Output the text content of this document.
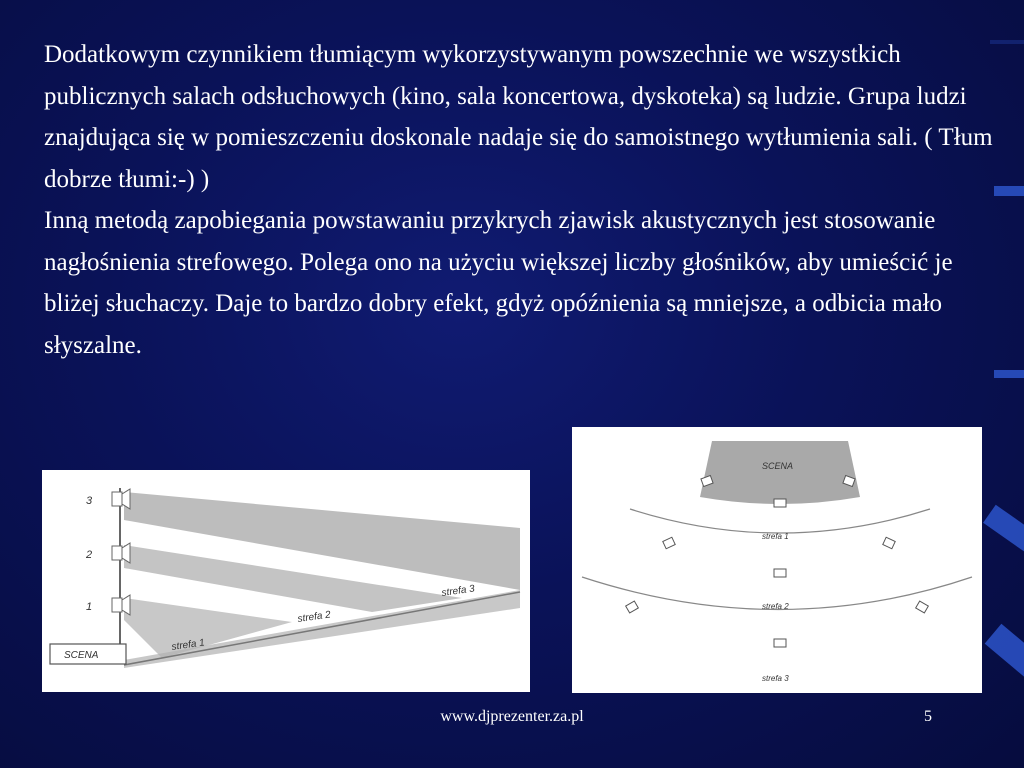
Dodatkowym czynnikiem tłumiącym wykorzystywanym powszechnie we wszystkich publicznych salach odsłuchowych (kino, sala koncertowa, dyskoteka) są ludzie. Grupa ludzi znajdująca się w pomieszczeniu doskonale nadaje się do samoistnego wytłumienia sali. ( Tłum dobrze tłumi:-) )

Inną metodą zapobiegania powstawaniu przykrych zjawisk akustycznych jest stosowanie nagłośnienia strefowego. Polega ono na użyciu większej liczby głośników, aby umieścić je bliżej słuchaczy. Daje to bardzo dobry efekt, gdyż opóźnienia są mniejsze, a odbicia mało słyszalne.

3
2
1
SCENA
strefa 1
strefa 2
strefa 3
SCENA
strefa 1
strefa 2
strefa 3
www.djprezenter.za.pl	5
